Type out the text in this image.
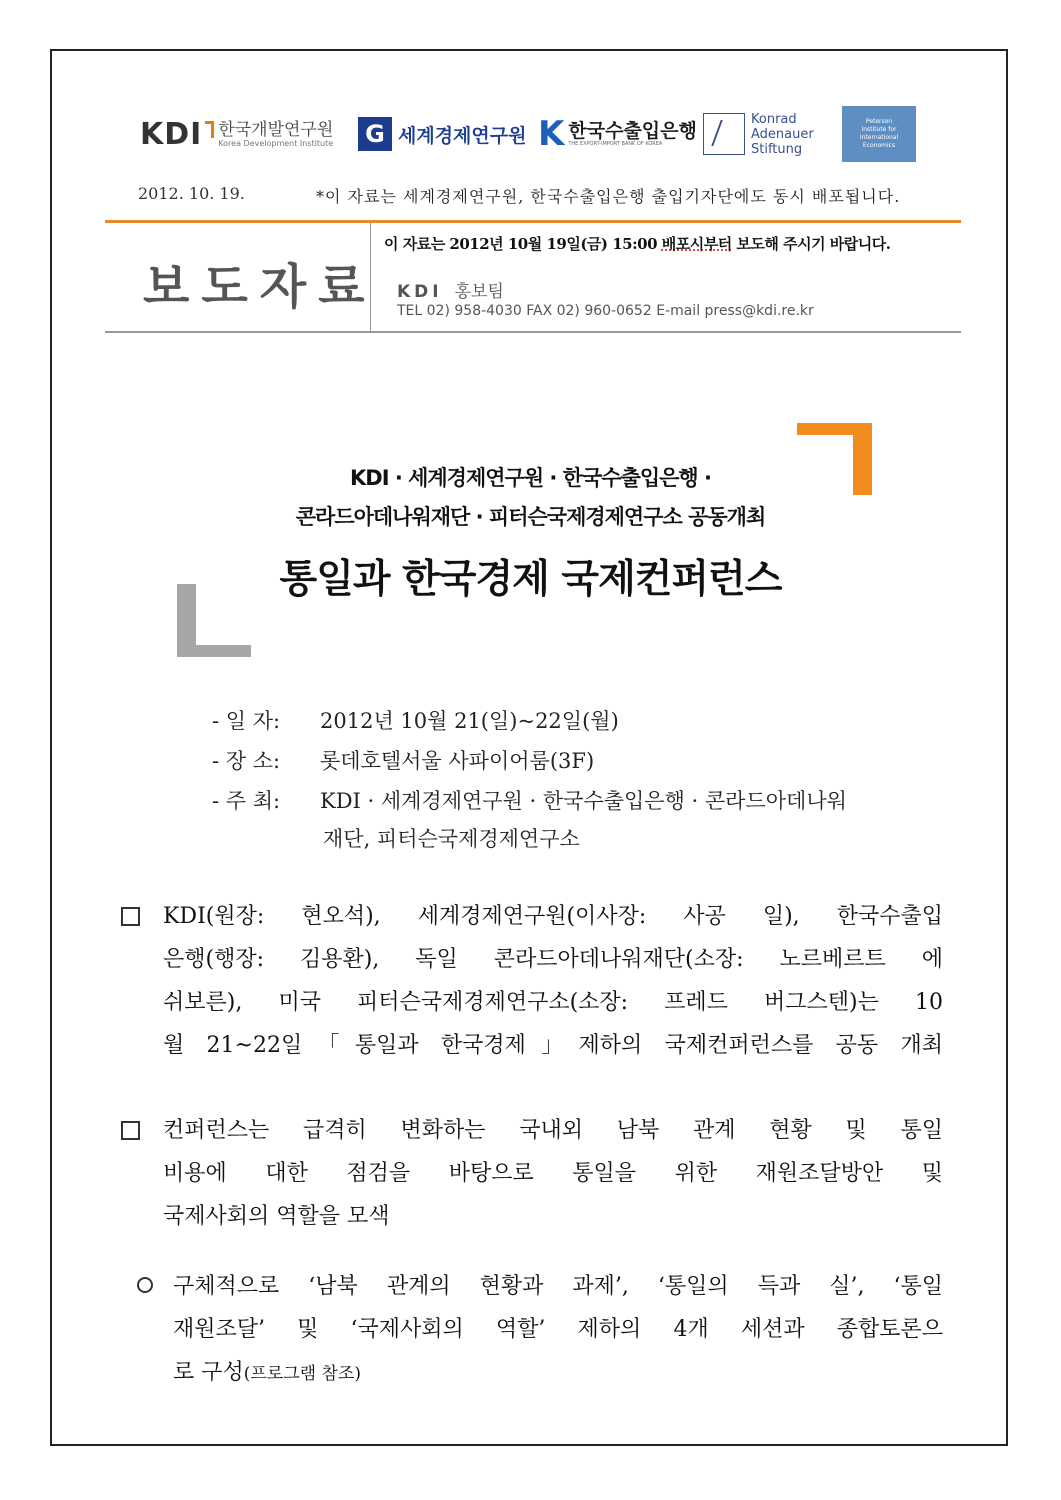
KDI 한국개발연구원
Korea Development Institute G 세계경제연구원 K 한국수출입은행
THE EXPORT-IMPORT BANK OF KOREA
Konrad
Adenauer
Stiftung
Peterson
Institute for
International
Economics
2012. 10. 19.	*이 자료는 세계경제연구원, 한국수출입은행 출입기자단에도 동시 배포됩니다.
보도자료
이 자료는 2012년 10월 19일(금) 15:00 배포시부터 보도해 주시기 바랍니다.
KDI 홍보팀
TEL 02) 958-4030 FAX 02) 960-0652 E-mail press@kdi.re.kr
KDI · 세계경제연구원 · 한국수출입은행 ·
콘라드아데나워재단 · 피터슨국제경제연구소 공동개최
통일과 한국경제 국제컨퍼런스
- 일 자: 2012년 10월 21(일)~22일(월)
- 장 소: 롯데호텔서울 사파이어룸(3F)
- 주 최: KDI · 세계경제연구원 · 한국수출입은행 · 콘라드아데나워
재단, 피터슨국제경제연구소
KDI(원장: 현오석), 세계경제연구원(이사장: 사공 일), 한국수출입
은행(행장: 김용환), 독일 콘라드아데나워재단(소장: 노르베르트 에
쉬보른), 미국 피터슨국제경제연구소(소장: 프레드 버그스텐)는 10
월 21~22일「통일과 한국경제」제하의 국제컨퍼런스를 공동 개최
컨퍼런스는 급격히 변화하는 국내외 남북 관계 현황 및 통일
비용에 대한 점검을 바탕으로 통일을 위한 재원조달방안 및
국제사회의 역할을 모색
구체적으로 ‘남북 관계의 현황과 과제’, ‘통일의 득과 실’, ‘통일
재원조달’ 및 ‘국제사회의 역할’ 제하의 4개 세션과 종합토론으
로 구성(프로그램 참조)
